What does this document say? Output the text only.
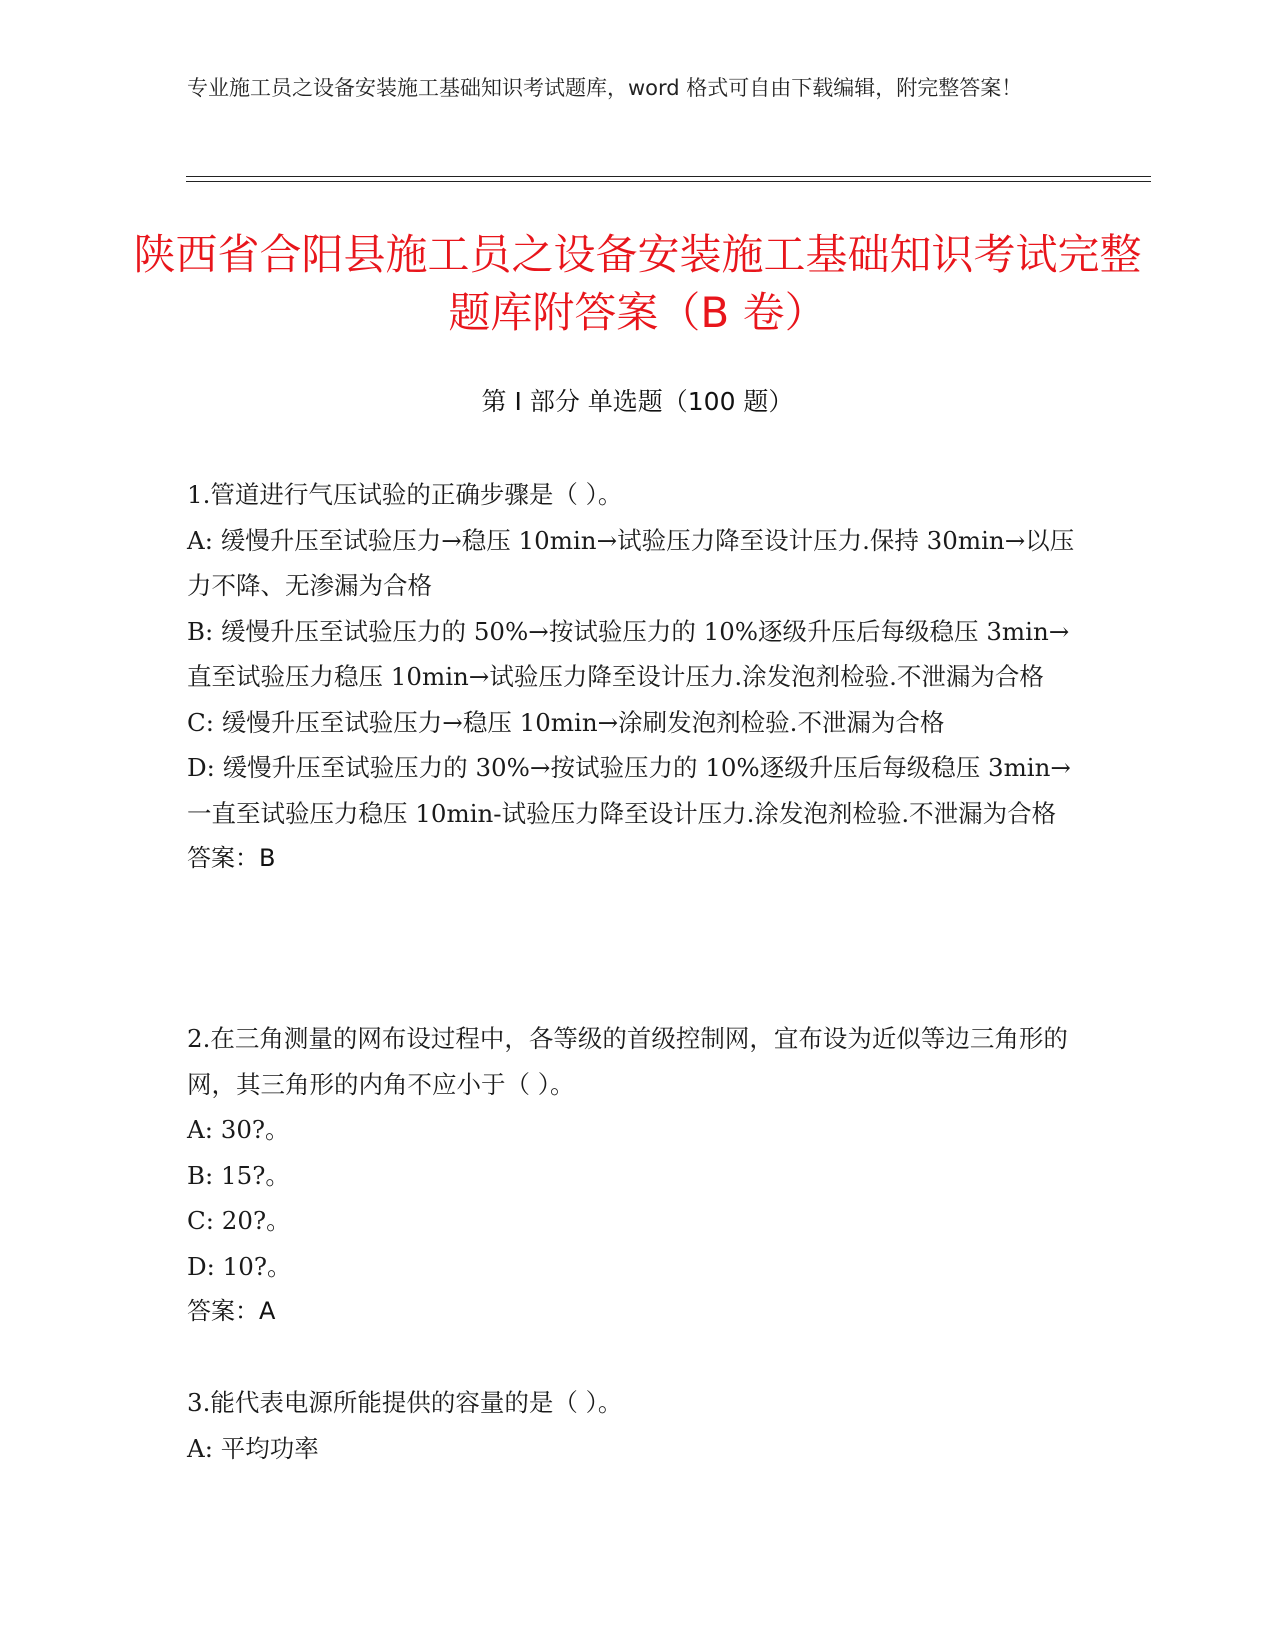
专业施工员之设备安装施工基础知识考试题库，word 格式可自由下载编辑，附完整答案！
陕西省合阳县施工员之设备安装施工基础知识考试完整题库附答案（B 卷）
第 I 部分 单选题（100 题）
1.管道进行气压试验的正确步骤是（ ）。
A: 缓慢升压至试验压力→稳压 10min→试验压力降至设计压力.保持 30min→以压力不降、无渗漏为合格
B: 缓慢升压至试验压力的 50%→按试验压力的 10%逐级升压后每级稳压 3min→直至试验压力稳压 10min→试验压力降至设计压力.涂发泡剂检验.不泄漏为合格
C: 缓慢升压至试验压力→稳压 10min→涂刷发泡剂检验.不泄漏为合格
D: 缓慢升压至试验压力的 30%→按试验压力的 10%逐级升压后每级稳压 3min→一直至试验压力稳压 10min-试验压力降至设计压力.涂发泡剂检验.不泄漏为合格
答案：B
2.在三角测量的网布设过程中，各等级的首级控制网，宜布设为近似等边三角形的网，其三角形的内角不应小于（ ）。
A: 30?。
B: 15?。
C: 20?。
D: 10?。
答案：A
3.能代表电源所能提供的容量的是（ ）。
A: 平均功率
